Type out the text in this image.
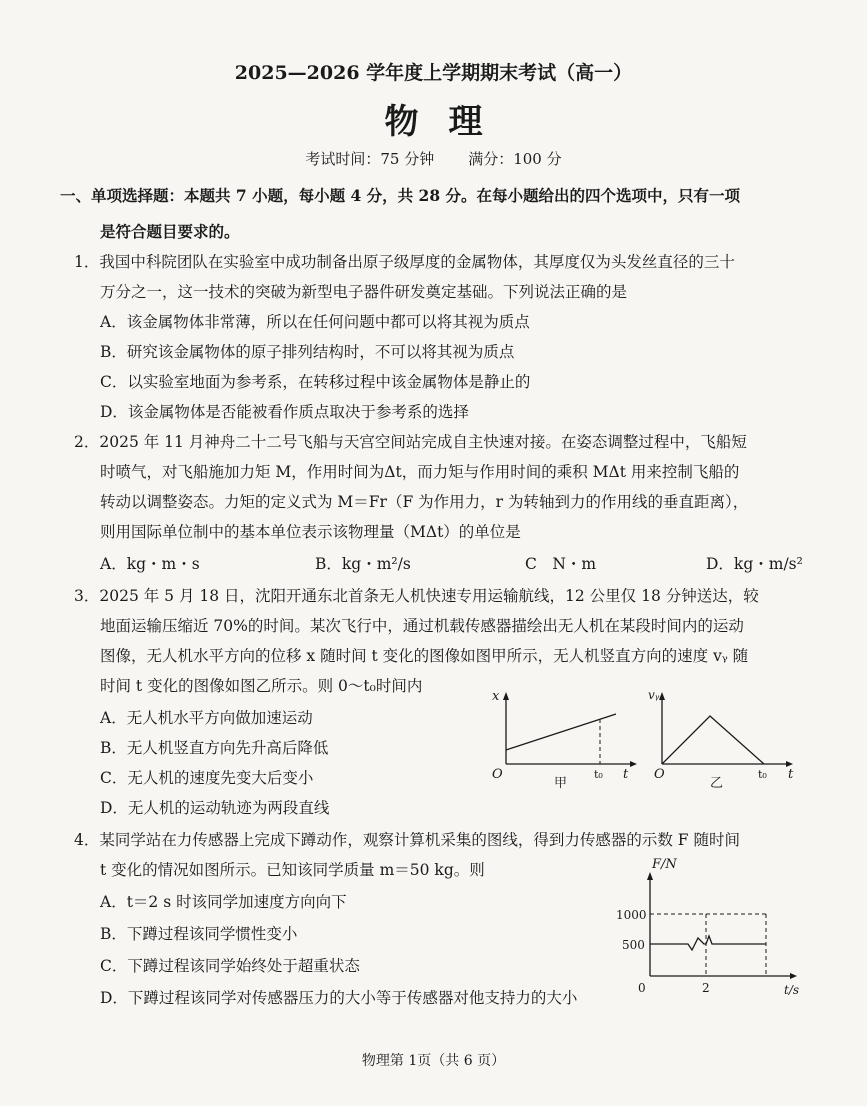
2025—2026 学年度上学期期末考试（高一）
物理
考试时间：75 分钟 满分：100 分
一、单项选择题：本题共 7 小题，每小题 4 分，共 28 分。在每小题给出的四个选项中，只有一项
是符合题目要求的。
1．我国中科院团队在实验室中成功制备出原子级厚度的金属物体，其厚度仅为头发丝直径的三十
万分之一，这一技术的突破为新型电子器件研发奠定基础。下列说法正确的是
A．该金属物体非常薄，所以在任何问题中都可以将其视为质点
B．研究该金属物体的原子排列结构时，不可以将其视为质点
C．以实验室地面为参考系，在转移过程中该金属物体是静止的
D．该金属物体是否能被看作质点取决于参考系的选择
2．2025 年 11 月神舟二十二号飞船与天宫空间站完成自主快速对接。在姿态调整过程中，飞船短
时喷气，对飞船施加力矩 M，作用时间为Δt，而力矩与作用时间的乘积 MΔt 用来控制飞船的
转动以调整姿态。力矩的定义式为 M＝Fr（F 为作用力，r 为转轴到力的作用线的垂直距离），
则用国际单位制中的基本单位表示该物理量（MΔt）的单位是
A．kg・m・s	B．kg・m²/s	C　N・m	D．kg・m/s²
3．2025 年 5 月 18 日，沈阳开通东北首条无人机快速专用运输航线，12 公里仅 18 分钟送达，较
地面运输压缩近 70%的时间。某次飞行中，通过机载传感器描绘出无人机在某段时间内的运动
图像，无人机水平方向的位移 x 随时间 t 变化的图像如图甲所示，无人机竖直方向的速度 vᵧ 随
时间 t 变化的图像如图乙所示。则 0～t₀时间内
A．无人机水平方向做加速运动
B．无人机竖直方向先升高后降低
C．无人机的速度先变大后变小
D．无人机的运动轨迹为两段直线
x
t
O	t₀
甲
vᵧ
t
O	t₀
乙
4．某同学站在力传感器上完成下蹲动作，观察计算机采集的图线，得到力传感器的示数 F 随时间
t 变化的情况如图所示。已知该同学质量 m＝50 kg。则
A．t＝2 s 时该同学加速度方向向下
B．下蹲过程该同学惯性变小
C．下蹲过程该同学始终处于超重状态
D．下蹲过程该同学对传感器压力的大小等于传感器对他支持力的大小
F/N
1000
500
0	2	t/s
物理第 1页（共 6 页）
